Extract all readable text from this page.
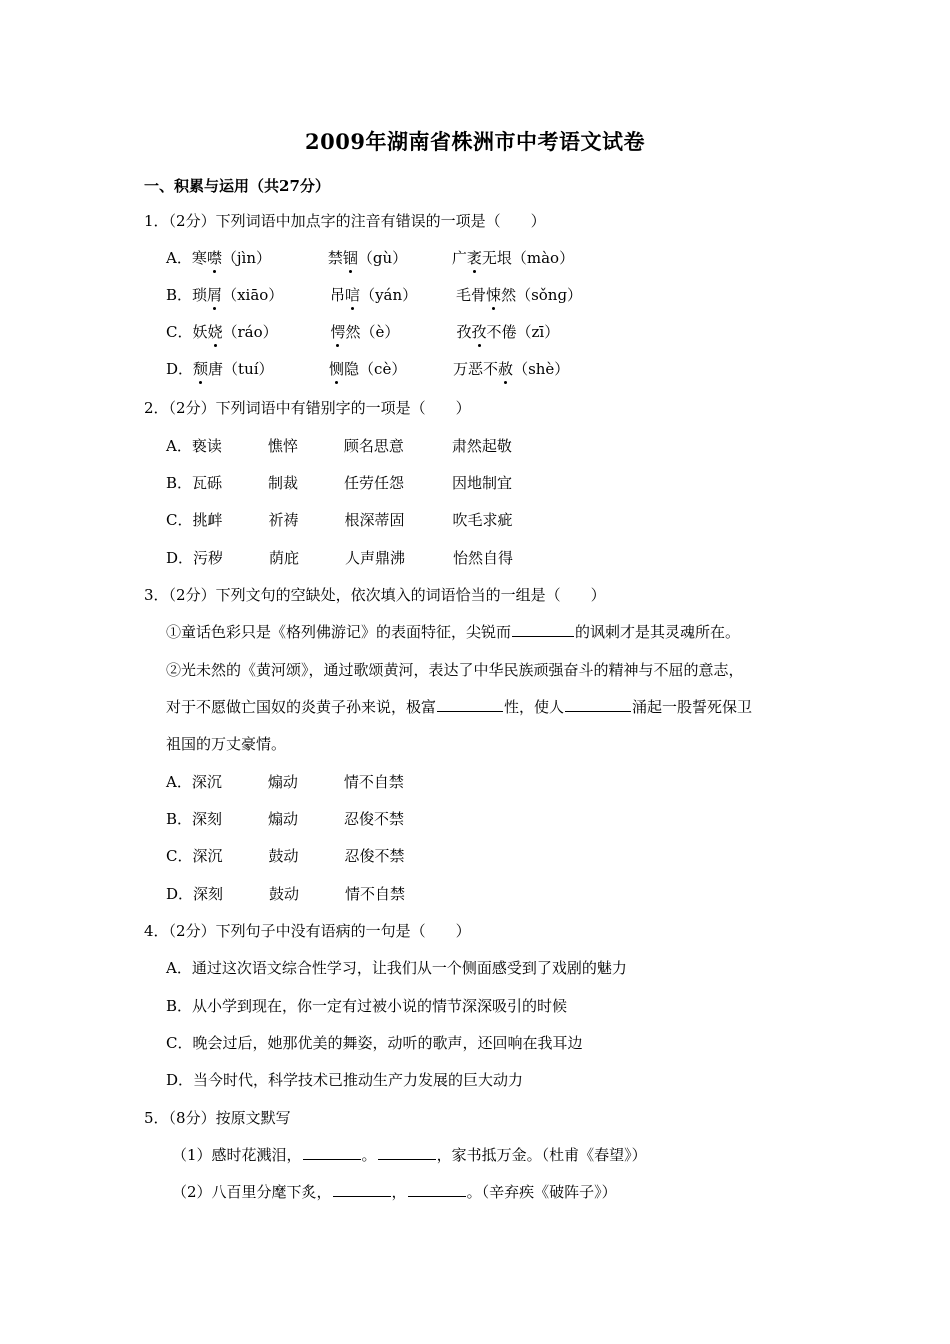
2009年湖南省株洲市中考语文试卷
一、积累与运用（共27分）
1．（2分）下列词语中加点字的注音有错误的一项是（　　）
A．寒噤（jìn）	禁锢（gù）	广袤无垠（mào）
B．琐屑（xiāo）	吊唁（yán）	毛骨悚然（sǒnɡ）
C．妖娆（ráo）	愕然（è）	孜孜不倦（zī）
D．颓唐（tuí）	恻隐（cè）	万恶不赦（shè）
2．（2分）下列词语中有错别字的一项是（　　）
A．亵读	憔悴	顾名思意	肃然起敬
B．瓦砾	制裁	任劳任怨	因地制宜
C．挑衅	祈祷	根深蒂固	吹毛求疵
D．污秽	荫庇	人声鼎沸	怡然自得
3．（2分）下列文句的空缺处，依次填入的词语恰当的一组是（　　）
①童话色彩只是《格列佛游记》的表面特征，尖锐而	的讽刺才是其灵魂所在。
②光未然的《黄河颂》，通过歌颂黄河，表达了中华民族顽强奋斗的精神与不屈的意志，
对于不愿做亡国奴的炎黄子孙来说，极富	性，使人	涌起一股誓死保卫
祖国的万丈豪情。
A．深沉	煽动	情不自禁
B．深刻	煽动	忍俊不禁
C．深沉	鼓动	忍俊不禁
D．深刻	鼓动	情不自禁
4．（2分）下列句子中没有语病的一句是（　　）
A．通过这次语文综合性学习，让我们从一个侧面感受到了戏剧的魅力
B．从小学到现在，你一定有过被小说的情节深深吸引的时候
C．晚会过后，她那优美的舞姿，动听的歌声，还回响在我耳边
D．当今时代，科学技术已推动生产力发展的巨大动力
5．（8分）按原文默写
（1）感时花溅泪，	。	，家书抵万金。（杜甫《春望》）
（2）八百里分麾下炙，	，	。（辛弃疾《破阵子》）
